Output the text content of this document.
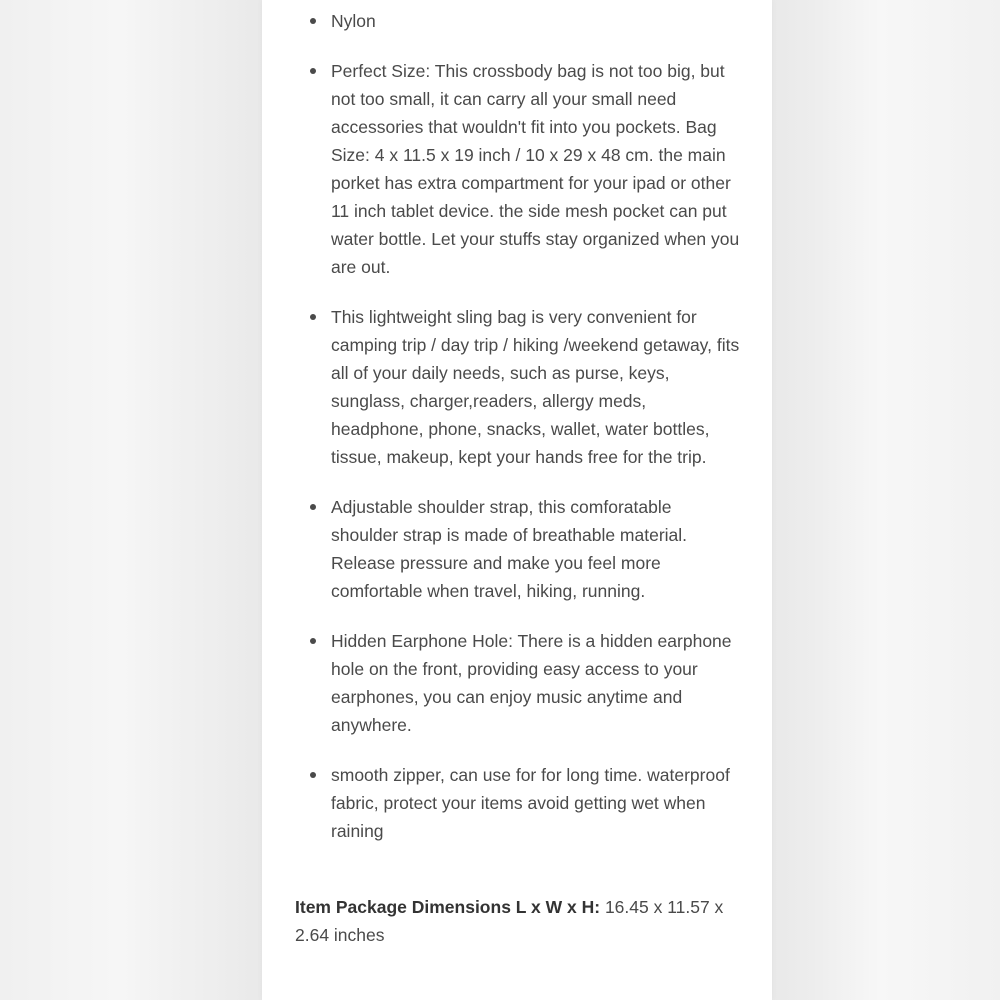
Nylon
Perfect Size: This crossbody bag is not too big, but not too small, it can carry all your small need accessories that wouldn't fit into you pockets. Bag Size: 4 x 11.5 x 19 inch / 10 x 29 x 48 cm. the main porket has extra compartment for your ipad or other 11 inch tablet device. the side mesh pocket can put water bottle. Let your stuffs stay organized when you are out.
This lightweight sling bag is very convenient for camping trip / day trip / hiking /weekend getaway, fits all of your daily needs, such as purse, keys, sunglass, charger,readers, allergy meds, headphone, phone, snacks, wallet, water bottles, tissue, makeup, kept your hands free for the trip.
Adjustable shoulder strap, this comforatable shoulder strap is made of breathable material. Release pressure and make you feel more comfortable when travel, hiking, running.
Hidden Earphone Hole: There is a hidden earphone hole on the front, providing easy access to your earphones, you can enjoy music anytime and anywhere.
smooth zipper, can use for for long time. waterproof fabric, protect your items avoid getting wet when raining
Item Package Dimensions L x W x H: 16.45 x 11.57 x 2.64 inches
